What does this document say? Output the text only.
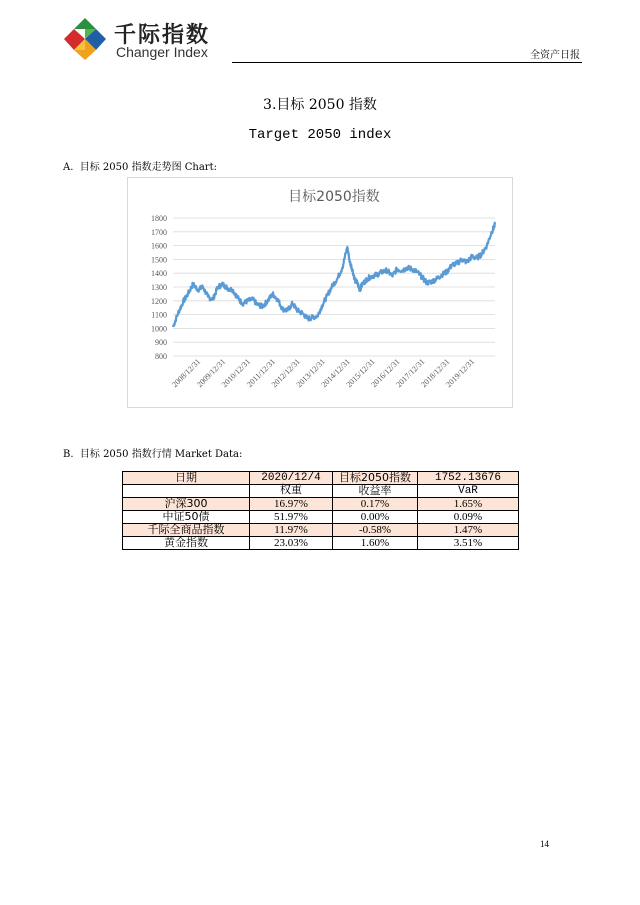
千际指数
Changer Index	全资产日报
3.目标 2050 指数
Target 2050 index
A.  目标 2050 指数走势图 Chart:
目标2050指数
800
900
1000
1100
1200
1300
1400
1500
1600
1700
1800
2008/12/31
2009/12/31
2010/12/31
2011/12/31
2012/12/31
2013/12/31
2014/12/31
2015/12/31
2016/12/31
2017/12/31
2018/12/31
2019/12/31
B.  目标 2050 指数行情 Market Data:
日期	2020/12/4	目标2050指数	1752.13676
	权重	收益率	VaR
沪深300	16.97%	0.17%	1.65%
中证50债	51.97%	0.00%	0.09%
千际全商品指数	11.97%	-0.58%	1.47%
黄金指数	23.03%	1.60%	3.51%
14
